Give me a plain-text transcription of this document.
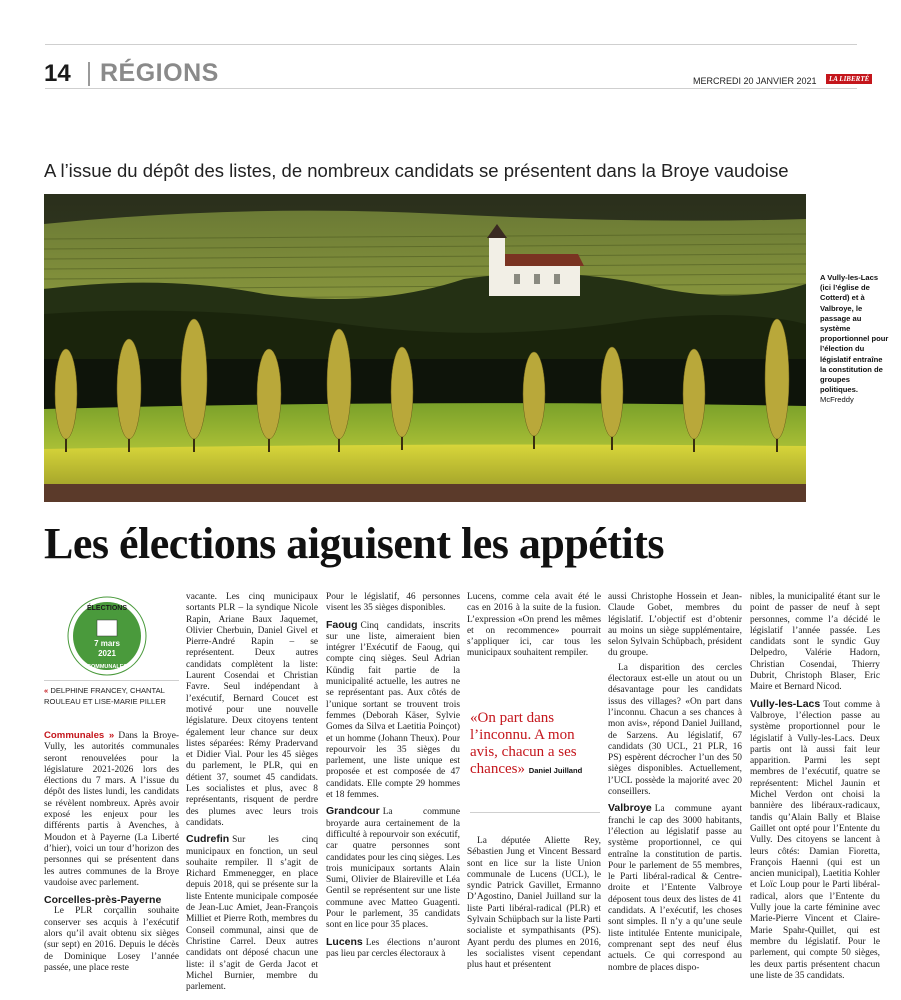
14 RÉGIONS	MERCREDI 20 JANVIER 2021	LA LIBERTÉ
A l’issue du dépôt des listes, de nombreux candidats se présentent dans la Broye vaudoise
A Vully-les-Lacs (ici l’église de Cotterd) et à Valbroye, le passage au système proportionnel pour l’élection du législatif entraîne la constitution de groupes politiques. McFreddy
Les élections aiguisent les appétits
ÉLECTIONS
7 mars
2021
COMMUNALES
« DELPHINE FRANCEY, CHANTAL ROULEAU ET LISE-MARIE PILLER

Communales » Dans la Broye-Vully, les autorités communales seront renouvelées pour la législature 2021-2026 lors des élections du 7 mars. A l’issue du dépôt des listes lundi, les candidats se révèlent nombreux. Après avoir exposé les enjeux pour les différents partis à Avenches, à Moudon et à Payerne (La Liberté d’hier), voici un tour d’horizon des personnes qui se présentent dans les autres communes de la Broye vaudoise avec parlement.

Corcelles-près-Payerne

Le PLR corçallin souhaite conserver ses acquis à l’exécutif alors qu’il avait obtenu six sièges (sur sept) en 2016. Depuis le décès de Dominique Losey l’année passée, une place reste

vacante. Les cinq municipaux sortants PLR – la syndique Nicole Rapin, Ariane Baux Jaquemet, Olivier Cherbuin, Daniel Givel et Pierre-André Rapin – se représentent. Deux autres candidats complètent la liste: Laurent Cosendai et Christian Favre. Seul indépendant à l’exécutif, Bernard Coucet est motivé pour une nouvelle législature. Deux citoyens tentent également leur chance sur deux listes séparées: Rémy Pradervand et Didier Vial. Pour les 45 sièges du parlement, le PLR, qui en détient 37, soumet 45 candidats. Les socialistes et plus, avec 8 représentants, risquent de perdre des plumes avec leurs trois candidats.

Cudrefin Sur les cinq municipaux en fonction, un seul souhaite rempiler. Il s’agit de Richard Emmenegger, en place depuis 2018, qui se présente sur la liste Entente municipale composée de Jean-Luc Amiet, Jean-François Milliet et Pierre Roth, membres du Conseil communal, ainsi que de Christine Carrel. Deux autres candidats ont déposé chacun une liste: il s’agit de Gerda Jacot et Michel Burnier, membre du parlement.

Pour le législatif, 46 personnes visent les 35 sièges disponibles.

Faoug Cinq candidats, inscrits sur une liste, aimeraient bien intégrer l’Exécutif de Faoug, qui compte cinq sièges. Seul Adrian Kündig fait partie de la municipalité actuelle, les autres ne se représentant pas. Aux côtés de l’unique sortant se trouvent trois femmes (Deborah Käser, Sylvie Gomes da Silva et Laetitia Poinçot) et un homme (Johann Theux). Pour repourvoir les 35 sièges du parlement, une liste unique est proposée et est composée de 47 candidats. Elle compte 29 hommes et 18 femmes.

Grandcour La commune broyarde aura certainement de la difficulté à repourvoir son exécutif, car quatre personnes sont candidates pour les cinq sièges. Les trois municipaux sortants Alain Sumi, Olivier de Blaireville et Léa Gentil se représentent sur une liste commune avec Matteo Guagenti. Pour le parlement, 35 candidats sont en lice pour 35 places.

Lucens Les élections n’auront pas lieu par cercles électoraux à

Lucens, comme cela avait été le cas en 2016 à la suite de la fusion. L’expression «On prend les mêmes et on recommence» pourrait s’appliquer ici, car tous les municipaux souhaitent rempiler.

«On part dans l’inconnu. A mon avis, chacun a ses chances» Daniel Juilland

La députée Aliette Rey, Sébastien Jung et Vincent Bessard sont en lice sur la liste Union communale de Lucens (UCL), le syndic Patrick Gavillet, Ermanno D’Agostino, Daniel Juilland sur la liste Parti libéral-radical (PLR) et Sylvain Schüpbach sur la liste Parti socialiste et sympathisants (PS). Ayant perdu des plumes en 2016, les socialistes visent cependant plus haut et présentent

aussi Christophe Hossein et Jean-Claude Gobet, membres du législatif. L’objectif est d’obtenir au moins un siège supplémentaire, selon Sylvain Schüpbach, président du groupe.

La disparition des cercles électoraux est-elle un atout ou un désavantage pour les candidats issus des villages? «On part dans l’inconnu. Chacun a ses chances à mon avis», répond Daniel Juilland, de Sarzens. Au législatif, 67 candidats (30 UCL, 21 PLR, 16 PS) espèrent décrocher l’un des 50 sièges disponibles. Actuellement, l’UCL possède la majorité avec 20 conseillers.

Valbroye La commune ayant franchi le cap des 3000 habitants, l’élection au législatif passe au système proportionnel, ce qui entraîne la constitution de partis. Pour le parlement de 55 membres, le Parti libéral-radical & Centre-droite et l’Entente Valbroye déposent tous deux des listes de 41 candidats. A l’exécutif, les choses sont simples. Il n’y a qu’une seule liste intitulée Entente municipale, comprenant sept des neuf élus actuels. Ce qui correspond au nombre de places dispo-

nibles, la municipalité étant sur le point de passer de neuf à sept personnes, comme l’a décidé le législatif l’année passée. Les candidats sont le syndic Guy Delpedro, Valérie Hadorn, Christian Cosendai, Thierry Dubrit, Christoph Blaser, Eric Maire et Bernard Nicod.

Vully-les-Lacs Tout comme à Valbroye, l’élection passe au système proportionnel pour le législatif à Vully-les-Lacs. Deux partis ont là aussi fait leur apparition. Parmi les sept membres de l’exécutif, quatre se représentent: Michel Jaunin et Michel Verdon ont choisi la bannière des libéraux-radicaux, tandis qu’Alain Bally et Blaise Gaillet ont opté pour l’Entente du Vully. Des citoyens se lancent à leurs côtés: Damian Fioretta, François Haenni (qui est un ancien municipal), Laetitia Kohler et Loïc Loup pour le Parti libéral-radical, alors que l’Entente du Vully joue la carte féminine avec Marie-Pierre Vincent et Claire-Marie Spahr-Quillet, qui est membre du législatif. Pour le parlement, qui compte 50 sièges, les deux partis présentent chacun une liste de 35 candidats.
